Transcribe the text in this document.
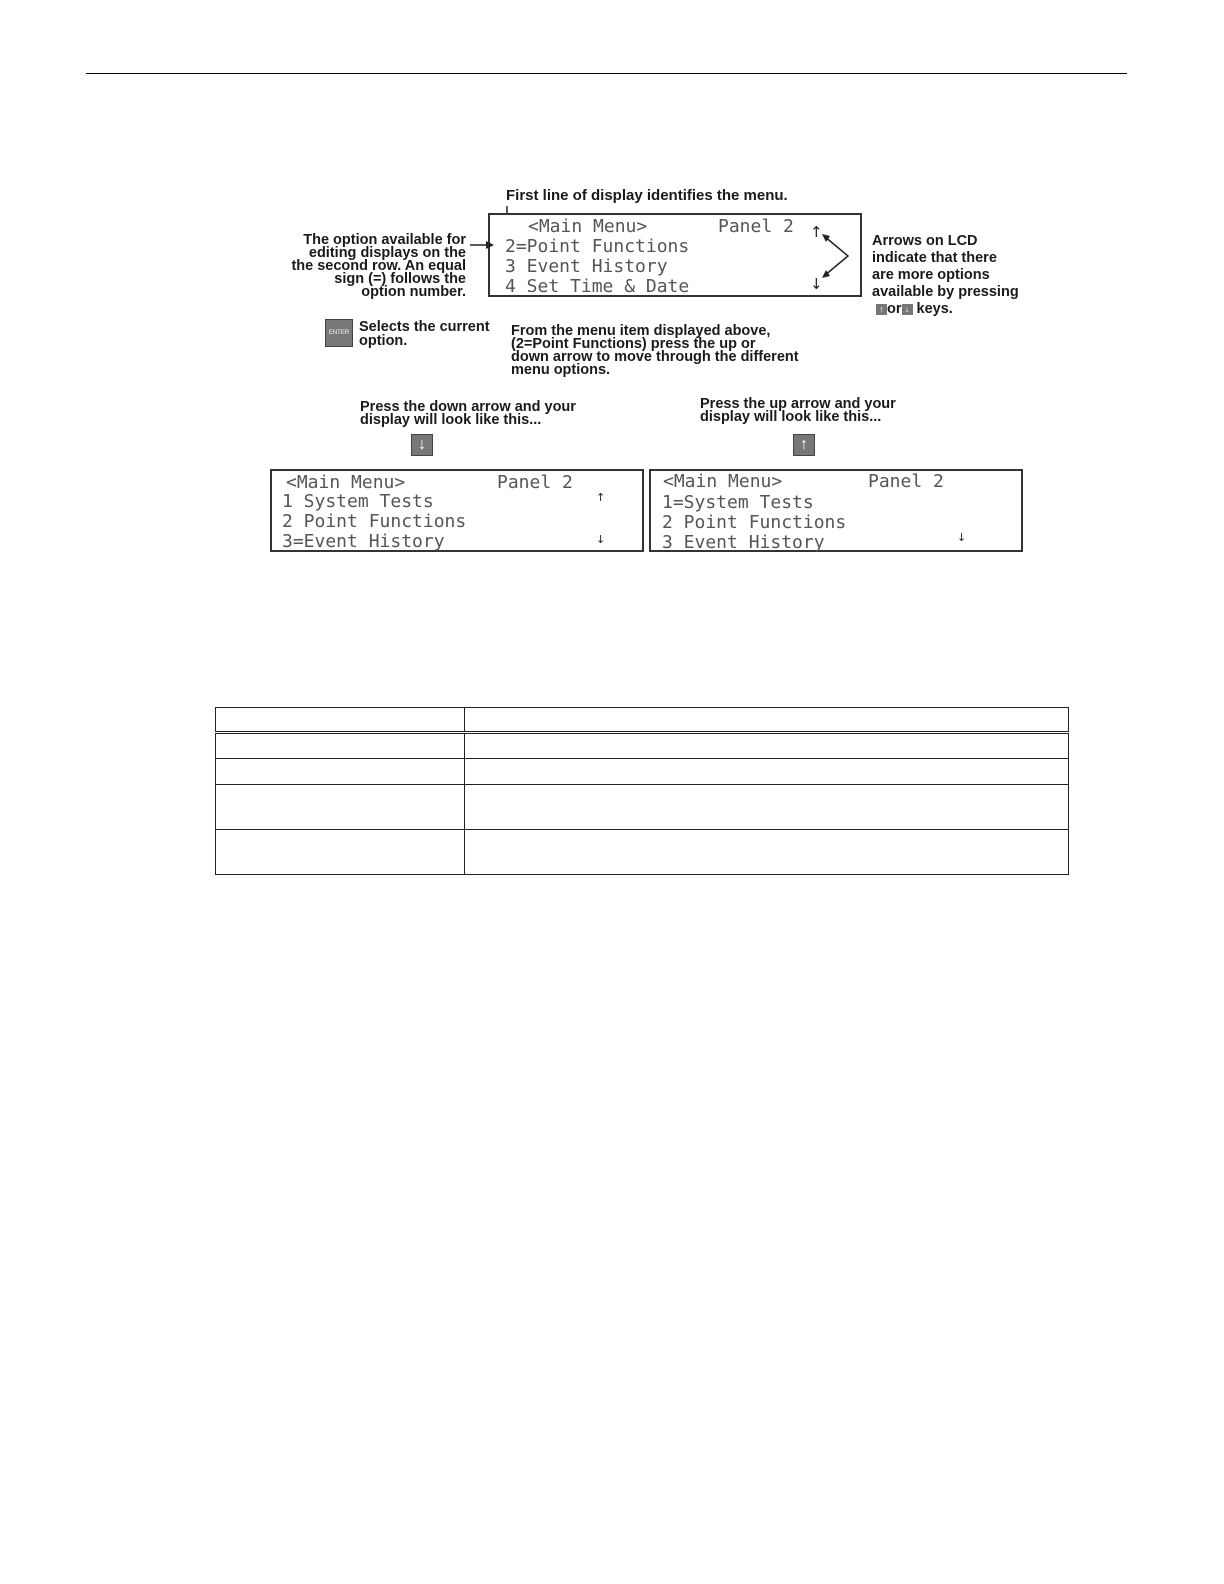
First line of display identifies the menu.
<Main Menu>	Panel 2
2=Point Functions
3 Event History
4 Set Time & Date
↑
↓
The option available for
editing displays on the
the second row. An equal
sign (=) follows the
option number.
Arrows on LCD
indicate that there
are more options
available by pressing
↑ or ↓ keys.
ENTER Selects the current
option.
From the menu item displayed above,
(2=Point Functions) press the up or
down arrow to move through the different
menu options.
Press the down arrow and your
display will look like this...
↓
Press the up arrow and your
display will look like this...
↑
<Main Menu>	Panel 2
1 System Tests
2 Point Functions
3=Event History
↑
↓
<Main Menu>	Panel 2
1=System Tests
2 Point Functions
3 Event History	↓
